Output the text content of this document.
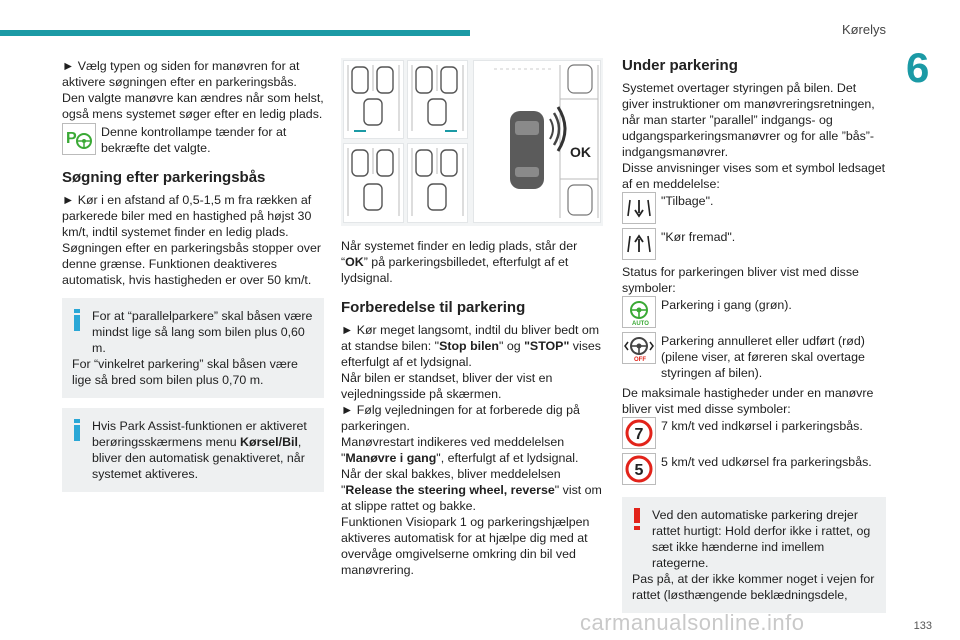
Kørelys
6

► Vælg typen og siden for manøvren for at aktivere søgningen efter en parkeringsbås.

Den valgte manøvre kan ændres når som helst, også mens systemet søger efter en ledig plads.

P Denne kontrollampe tænder for at bekræfte det valgte.

Søgning efter parkeringsbås

► Kør i en afstand af 0,5-1,5 m fra rækken af parkerede biler med en hastighed på højst 30 km/t, indtil systemet finder en ledig plads.

Søgningen efter en parkeringsbås stopper over denne grænse. Funktionen deaktiveres automatisk, hvis hastigheden er over 50 km/t.

For at “parallelparkere” skal båsen være mindst lige så lang som bilen plus 0,60 m.

For “vinkelret parkering” skal båsen være lige så bred som bilen plus 0,70 m.

Hvis Park Assist-funktionen er aktiveret berøringsskærmens menu Kørsel/Bil, bliver den automatisk genaktiveret, når systemet aktiveres.

OK

Når systemet finder en ledig plads, står der “OK” på parkeringsbilledet, efterfulgt af et lydsignal.

Forberedelse til parkering

► Kør meget langsomt, indtil du bliver bedt om at standse bilen: "Stop bilen" og "STOP" vises efterfulgt af et lydsignal.

Når bilen er standset, bliver der vist en vejledningsside på skærmen.

► Følg vejledningen for at forberede dig på parkeringen.

Manøvrestart indikeres ved meddelelsen "Manøvre i gang", efterfulgt af et lydsignal.

Når der skal bakkes, bliver meddelelsen "Release the steering wheel, reverse" vist om at slippe rattet og bakke.

Funktionen Visiopark 1 og parkeringshjælpen aktiveres automatisk for at hjælpe dig med at overvåge omgivelserne omkring din bil ved manøvrering.

Under parkering

Systemet overtager styringen på bilen. Det giver instruktioner om manøvreringsretningen, når man starter ”parallel” indgangs- og udgangsparkeringsmanøvrer og for alle ”bås”-indgangsmanøvrer.

Disse anvisninger vises som et symbol ledsaget af en meddelelse:

"Tilbage".

"Kør fremad".

Status for parkeringen bliver vist med disse symboler:

AUTO

Parkering i gang (grøn).

OFF

Parkering annulleret eller udført (rød) (pilene viser, at føreren skal overtage styringen af bilen).

De maksimale hastigheder under en manøvre bliver vist med disse symboler:

7 7 km/t ved indkørsel i parkeringsbås.

5 5 km/t ved udkørsel fra parkeringsbås.

Ved den automatiske parkering drejer rattet hurtigt: Hold derfor ikke i rattet, og sæt ikke hænderne ind imellem rategerne.

Pas på, at der ikke kommer noget i vejen for rattet (løsthængende beklædningsdele,

carmanualsonline.info	133
